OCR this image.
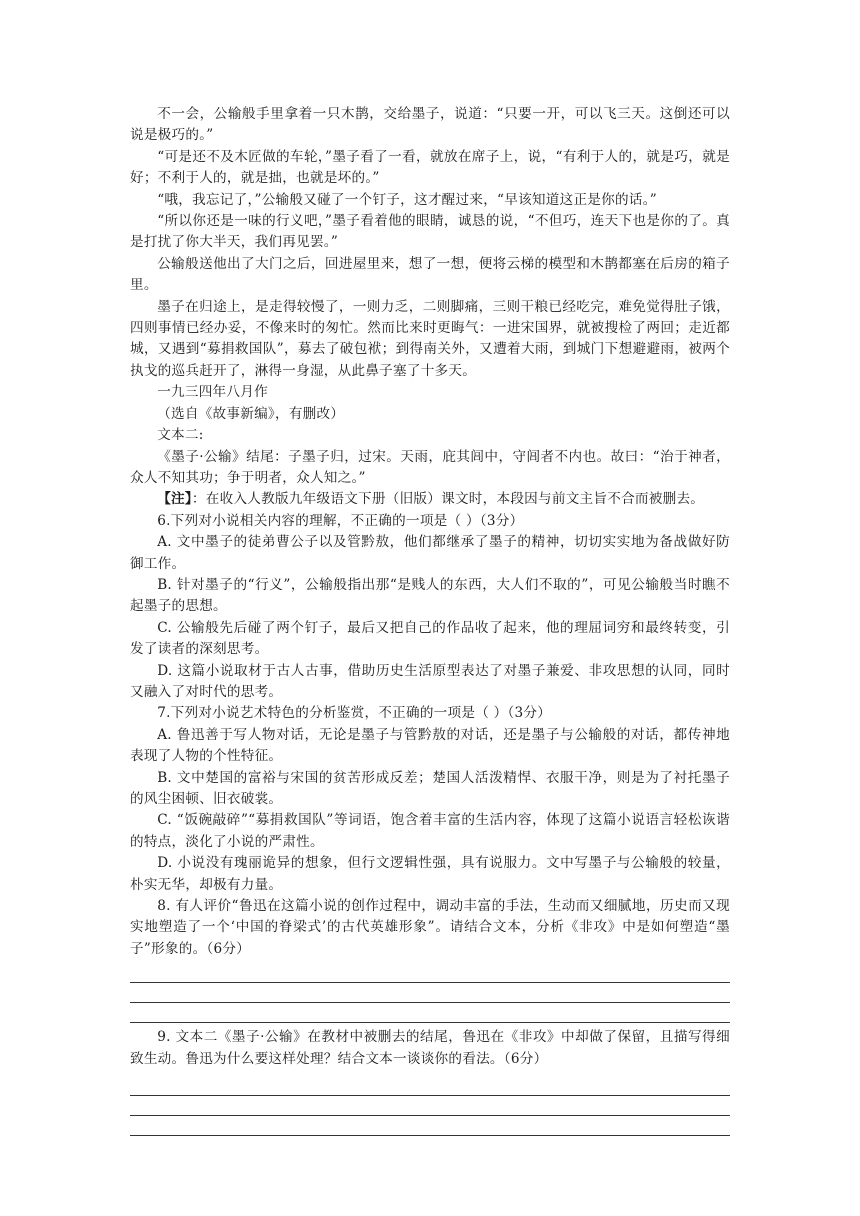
不一会，公输般手里拿着一只木鹊，交给墨子，说道：“只要一开，可以飞三天。这倒还可以说是极巧的。”

“可是还不及木匠做的车轮，”墨子看了一看，就放在席子上，说，“有利于人的，就是巧，就是好；不利于人的，就是拙，也就是坏的。”

“哦，我忘记了，”公输般又碰了一个钉子，这才醒过来，“早该知道这正是你的话。”

“所以你还是一味的行义吧，”墨子看着他的眼睛，诚恳的说，“不但巧，连天下也是你的了。真是打扰了你大半天，我们再见罢。”

公输般送他出了大门之后，回进屋里来，想了一想，便将云梯的模型和木鹊都塞在后房的箱子里。

墨子在归途上，是走得较慢了，一则力乏，二则脚痛，三则干粮已经吃完，难免觉得肚子饿，四则事情已经办妥，不像来时的匆忙。然而比来时更晦气：一进宋国界，就被搜检了两回；走近都城，又遇到“募捐救国队”，募去了破包袱；到得南关外，又遭着大雨，到城门下想避避雨，被两个执戈的巡兵赶开了，淋得一身湿，从此鼻子塞了十多天。

一九三四年八月作

（选自《故事新编》，有删改）

文本二:

《墨子·公输》结尾：子墨子归，过宋。天雨，庇其闾中，守闾者不内也。故曰：“治于神者，众人不知其功；争于明者，众人知之。”

【注】：在收入人教版九年级语文下册（旧版）课文时，本段因与前文主旨不合而被删去。

6.下列对小说相关内容的理解，不正确的一项是（ ）（3分）

A. 文中墨子的徒弟曹公子以及管黔敖，他们都继承了墨子的精神，切切实实地为备战做好防御工作。

B. 针对墨子的“行义”，公输般指出那“是贱人的东西，大人们不取的”，可见公输般当时瞧不起墨子的思想。

C. 公输般先后碰了两个钉子，最后又把自己的作品收了起来，他的理屈词穷和最终转变，引发了读者的深刻思考。

D. 这篇小说取材于古人古事，借助历史生活原型表达了对墨子兼爱、非攻思想的认同，同时又融入了对时代的思考。

7.下列对小说艺术特色的分析鉴赏，不正确的一项是（ ）（3分）

A. 鲁迅善于写人物对话，无论是墨子与管黔敖的对话，还是墨子与公输般的对话，都传神地表现了人物的个性特征。

B. 文中楚国的富裕与宋国的贫苦形成反差；楚国人活泼精悍、衣服干净，则是为了衬托墨子的风尘困顿、旧衣破裳。

C. “饭碗敲碎”“募捐救国队”等词语，饱含着丰富的生活内容，体现了这篇小说语言轻松诙谐的特点，淡化了小说的严肃性。

D. 小说没有瑰丽诡异的想象，但行文逻辑性强，具有说服力。文中写墨子与公输般的较量，朴实无华，却极有力量。

8. 有人评价“鲁迅在这篇小说的创作过程中，调动丰富的手法，生动而又细腻地，历史而又现实地塑造了一个‘中国的脊梁式’的古代英雄形象”。请结合文本，分析《非攻》中是如何塑造“墨子”形象的。（6分）

9. 文本二《墨子·公输》在教材中被删去的结尾，鲁迅在《非攻》中却做了保留，且描写得细致生动。鲁迅为什么要这样处理？结合文本一谈谈你的看法。（6分）
